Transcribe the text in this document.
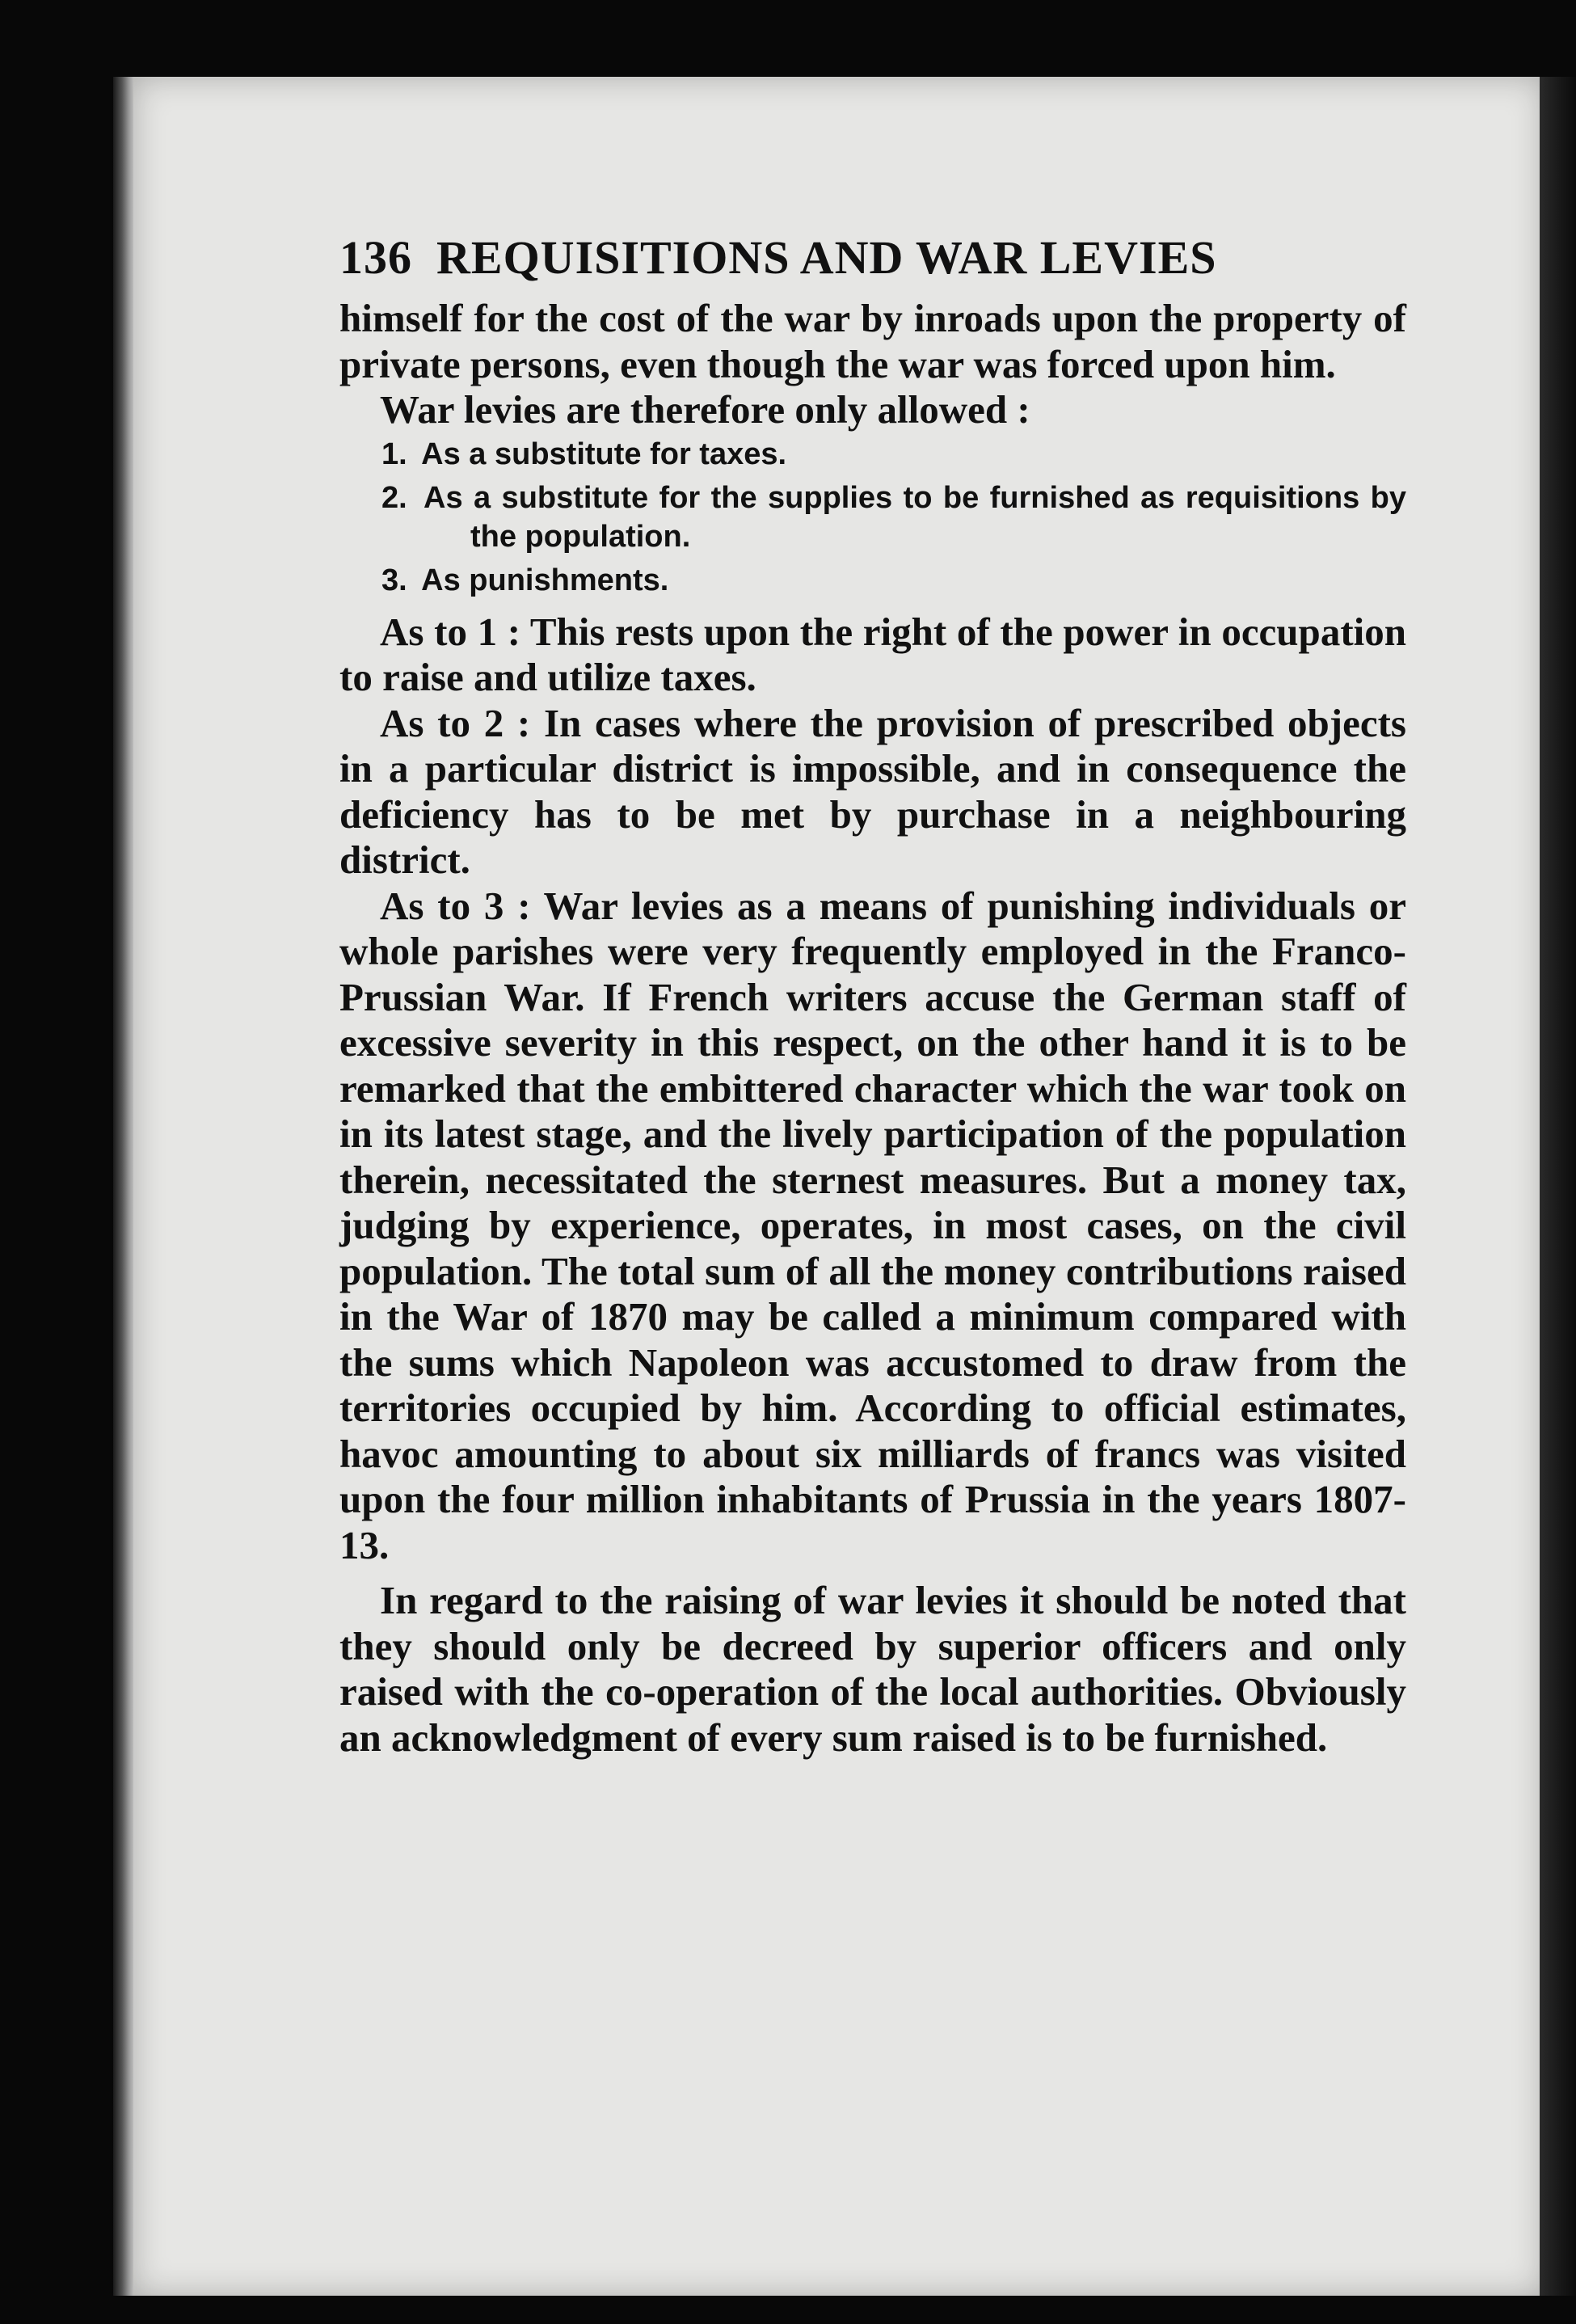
136 REQUISITIONS AND WAR LEVIES

himself for the cost of the war by inroads upon the property of private persons, even though the war was forced upon him.

War levies are therefore only allowed :

1. As a substitute for taxes.
2. As a substitute for the supplies to be furnished as requisitions by the population.
3. As punishments.

As to 1 : This rests upon the right of the power in occupation to raise and utilize taxes.

As to 2 : In cases where the provision of prescribed objects in a particular district is impossible, and in consequence the deficiency has to be met by purchase in a neighbouring district.

As to 3 : War levies as a means of punishing individuals or whole parishes were very frequently employed in the Franco-Prussian War. If French writers accuse the German staff of excessive severity in this respect, on the other hand it is to be remarked that the embittered character which the war took on in its latest stage, and the lively participation of the population therein, necessitated the sternest measures. But a money tax, judging by experience, operates, in most cases, on the civil population. The total sum of all the money contributions raised in the War of 1870 may be called a minimum compared with the sums which Napoleon was accustomed to draw from the territories occupied by him. According to official estimates, havoc amounting to about six milliards of francs was visited upon the four million inhabitants of Prussia in the years 1807-13.

In regard to the raising of war levies it should be noted that they should only be decreed by superior officers and only raised with the co-operation of the local authorities. Obviously an acknowledgment of every sum raised is to be furnished.
